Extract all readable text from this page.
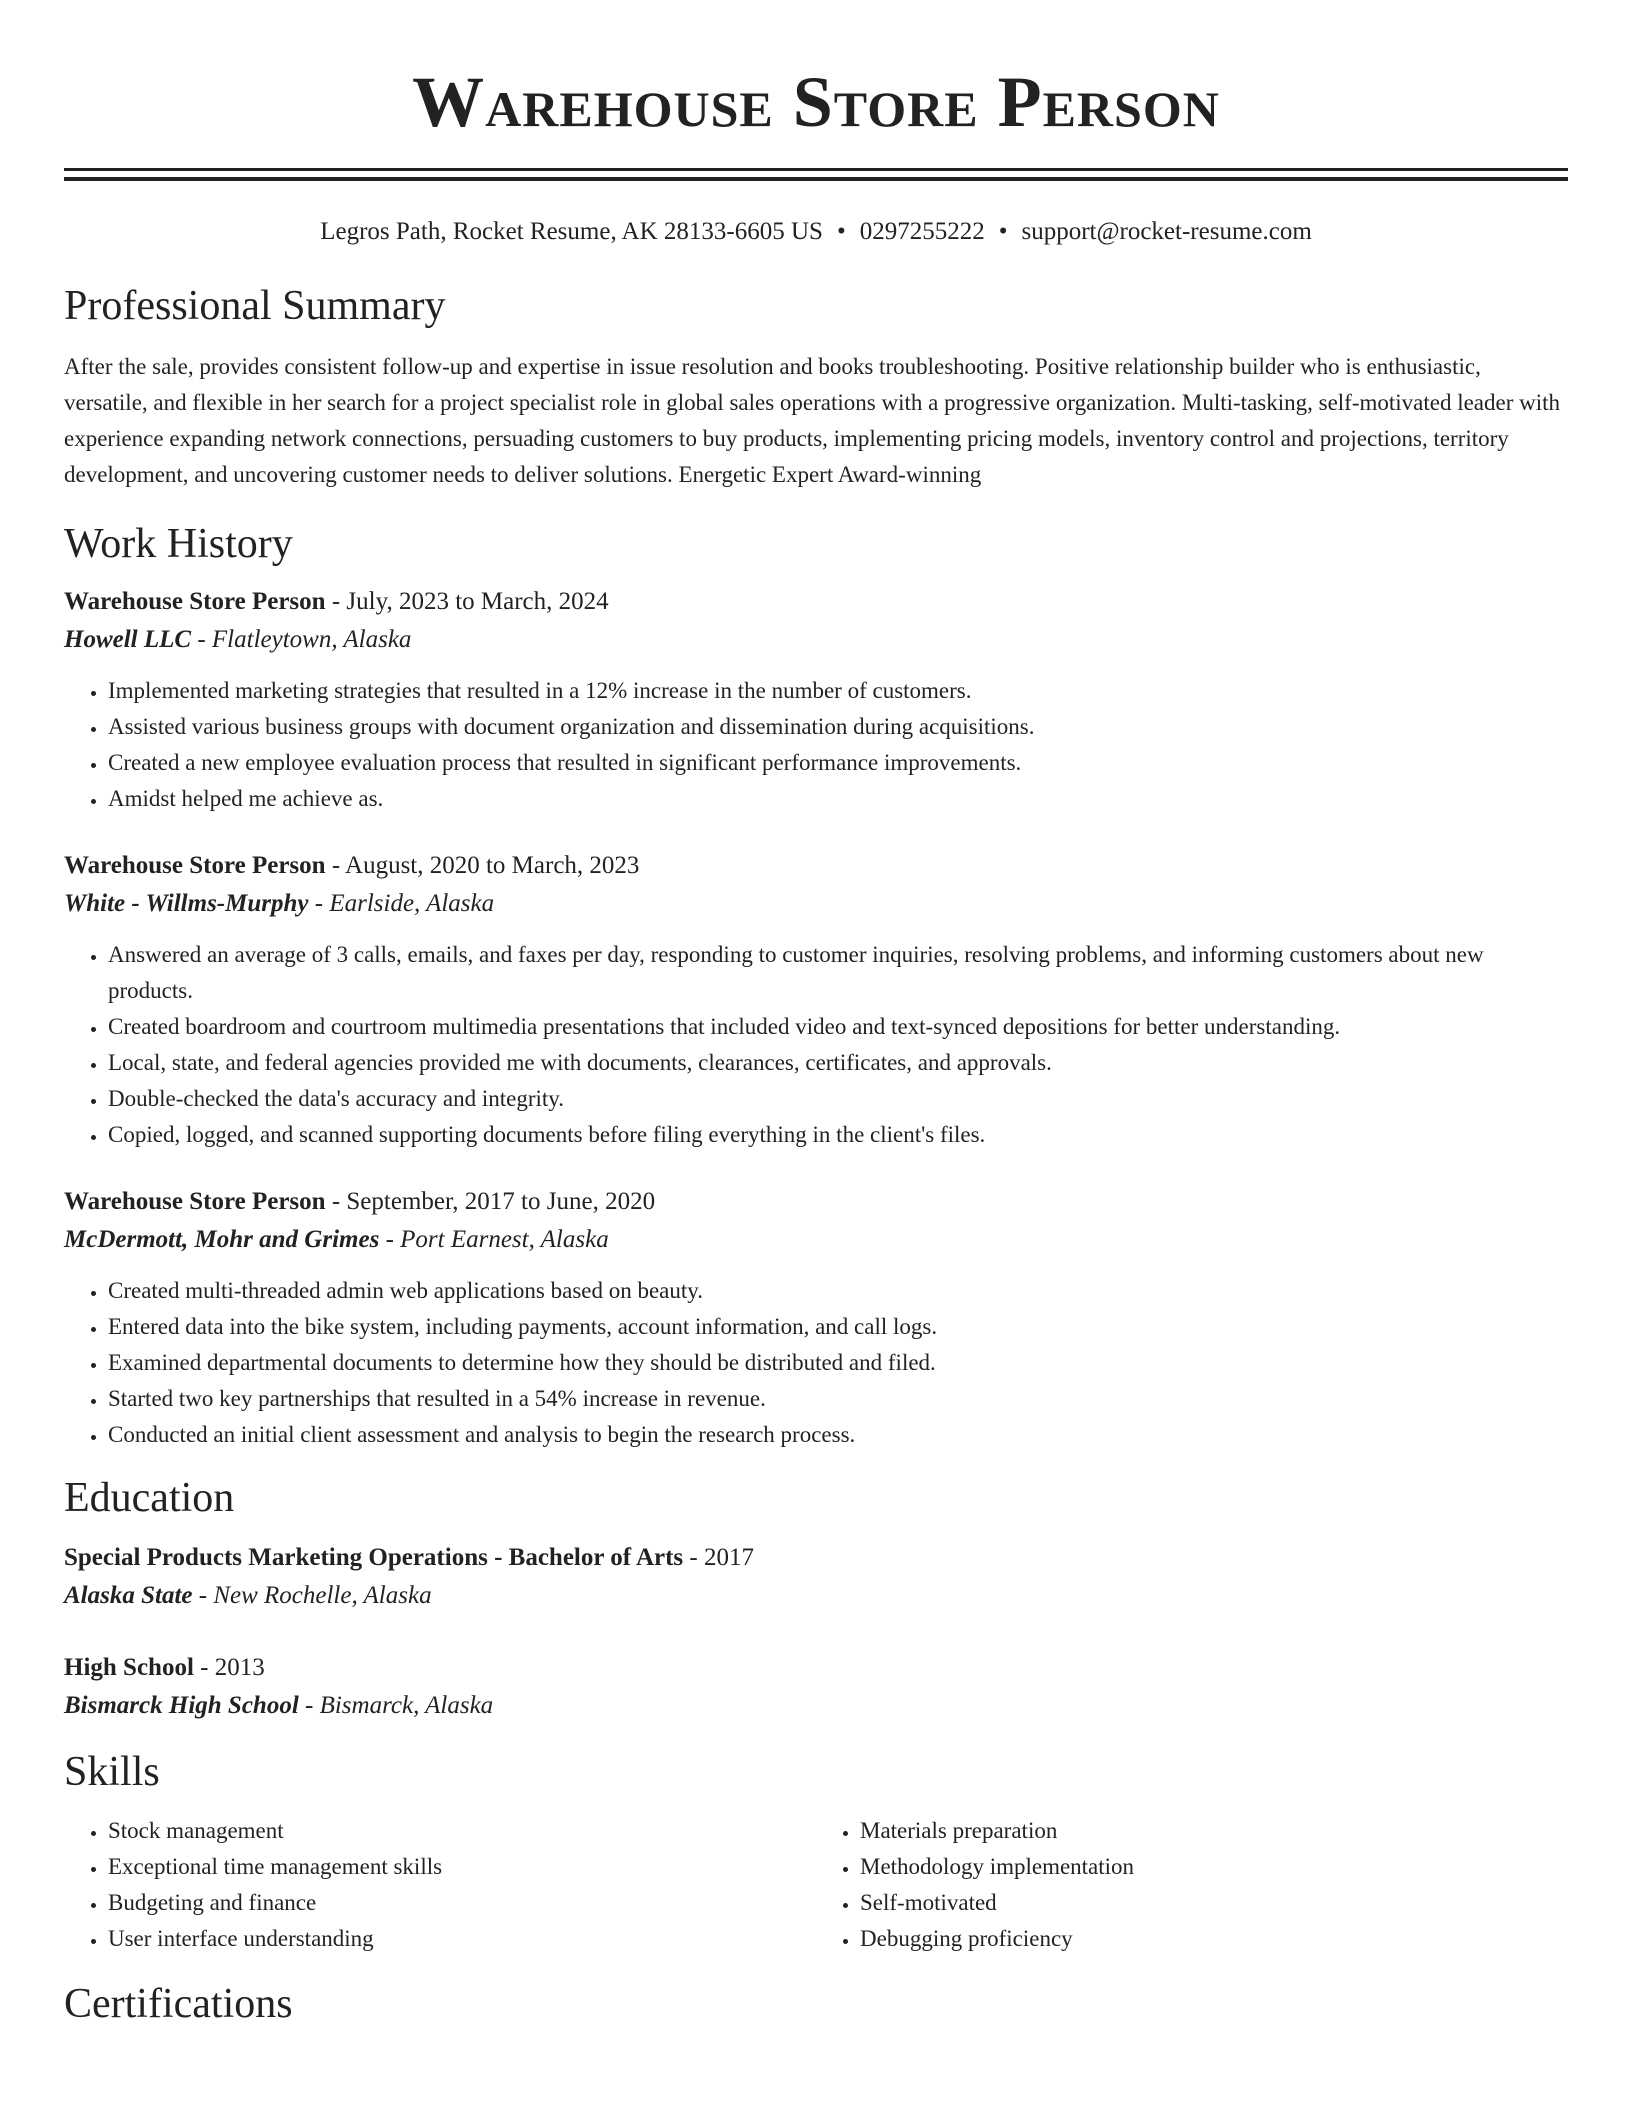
Warehouse Store Person
Legros Path, Rocket Resume, AK 28133-6605 US • 0297255222 • support@rocket-resume.com
Professional Summary

After the sale, provides consistent follow-up and expertise in issue resolution and books troubleshooting. Positive relationship builder who is enthusiastic, versatile, and flexible in her search for a project specialist role in global sales operations with a progressive organization. Multi-tasking, self-motivated leader with experience expanding network connections, persuading customers to buy products, implementing pricing models, inventory control and projections, territory development, and uncovering customer needs to deliver solutions. Energetic Expert Award-winning

Work History
Warehouse Store Person - July, 2023 to March, 2024
Howell LLC - Flatleytown, Alaska
• Implemented marketing strategies that resulted in a 12% increase in the number of customers.
• Assisted various business groups with document organization and dissemination during acquisitions.
• Created a new employee evaluation process that resulted in significant performance improvements.
• Amidst helped me achieve as.
Warehouse Store Person - August, 2020 to March, 2023
White - Willms-Murphy - Earlside, Alaska
• Answered an average of 3 calls, emails, and faxes per day, responding to customer inquiries, resolving problems, and informing customers about new products.
• Created boardroom and courtroom multimedia presentations that included video and text-synced depositions for better understanding.
• Local, state, and federal agencies provided me with documents, clearances, certificates, and approvals.
• Double-checked the data's accuracy and integrity.
• Copied, logged, and scanned supporting documents before filing everything in the client's files.
Warehouse Store Person - September, 2017 to June, 2020
McDermott, Mohr and Grimes - Port Earnest, Alaska
• Created multi-threaded admin web applications based on beauty.
• Entered data into the bike system, including payments, account information, and call logs.
• Examined departmental documents to determine how they should be distributed and filed.
• Started two key partnerships that resulted in a 54% increase in revenue.
• Conducted an initial client assessment and analysis to begin the research process.
Education
Special Products Marketing Operations - Bachelor of Arts - 2017
Alaska State - New Rochelle, Alaska
High School - 2013
Bismarck High School - Bismarck, Alaska
Skills
• Stock management
• Exceptional time management skills
• Budgeting and finance
• User interface understanding
• Materials preparation
• Methodology implementation
• Self-motivated
• Debugging proficiency
Certifications
